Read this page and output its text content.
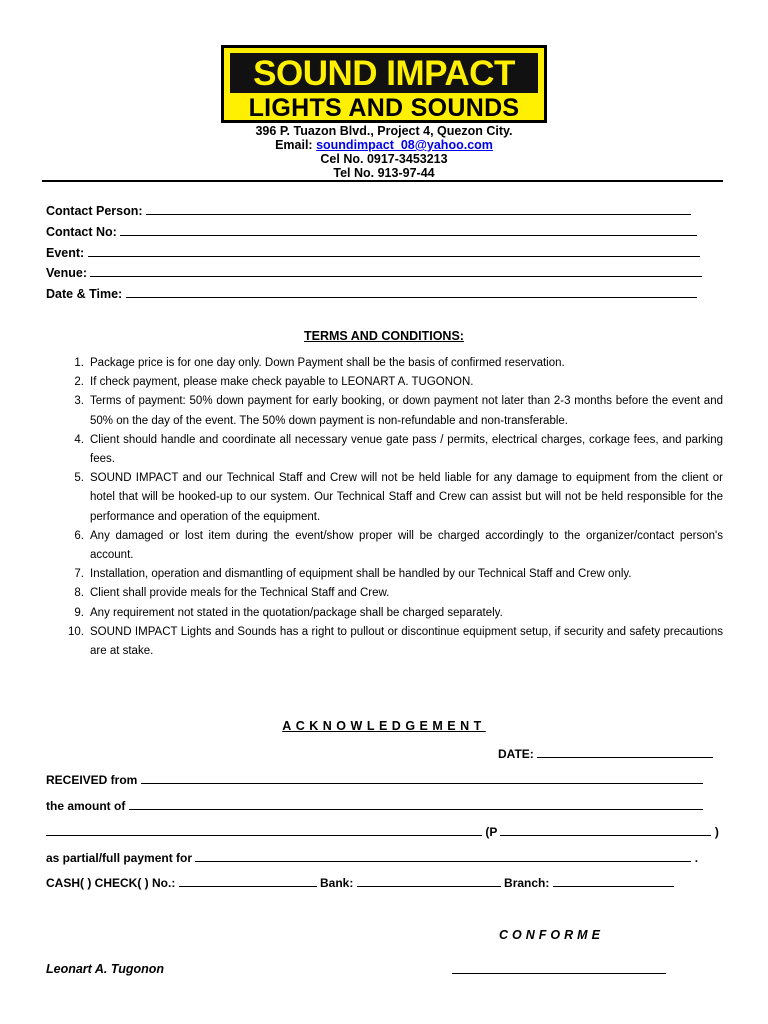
SOUND IMPACT
LIGHTS AND SOUNDS
396 P. Tuazon Blvd., Project 4, Quezon City.
Email: soundimpact_08@yahoo.com
Cel No. 0917-3453213
Tel No. 913-97-44
Contact Person:
Contact No:
Event:
Venue:
Date & Time:
TERMS AND CONDITIONS:
1. Package price is for one day only. Down Payment shall be the basis of confirmed reservation.
2. If check payment, please make check payable to LEONART A. TUGONON.
3. Terms of payment: 50% down payment for early booking, or down payment not later than 2-3 months before the event and 50% on the day of the event. The 50% down payment is non-refundable and non-transferable.
4. Client should handle and coordinate all necessary venue gate pass / permits, electrical charges, corkage fees, and parking fees.
5. SOUND IMPACT and our Technical Staff and Crew will not be held liable for any damage to equipment from the client or hotel that will be hooked-up to our system. Our Technical Staff and Crew can assist but will not be held responsible for the performance and operation of the equipment.
6. Any damaged or lost item during the event/show proper will be charged accordingly to the organizer/contact person's account.
7. Installation, operation and dismantling of equipment shall be handled by our Technical Staff and Crew only.
8. Client shall provide meals for the Technical Staff and Crew.
9. Any requirement not stated in the quotation/package shall be charged separately.
10. SOUND IMPACT Lights and Sounds has a right to pullout or discontinue equipment setup, if security and safety precautions are at stake.
ACKNOWLEDGEMENT
DATE:
RECEIVED from
the amount of
(P	)
as partial/full payment for	.
CASH( ) CHECK( ) No.:	Bank:	Branch:
CONFORME
Leonart A. Tugonon
